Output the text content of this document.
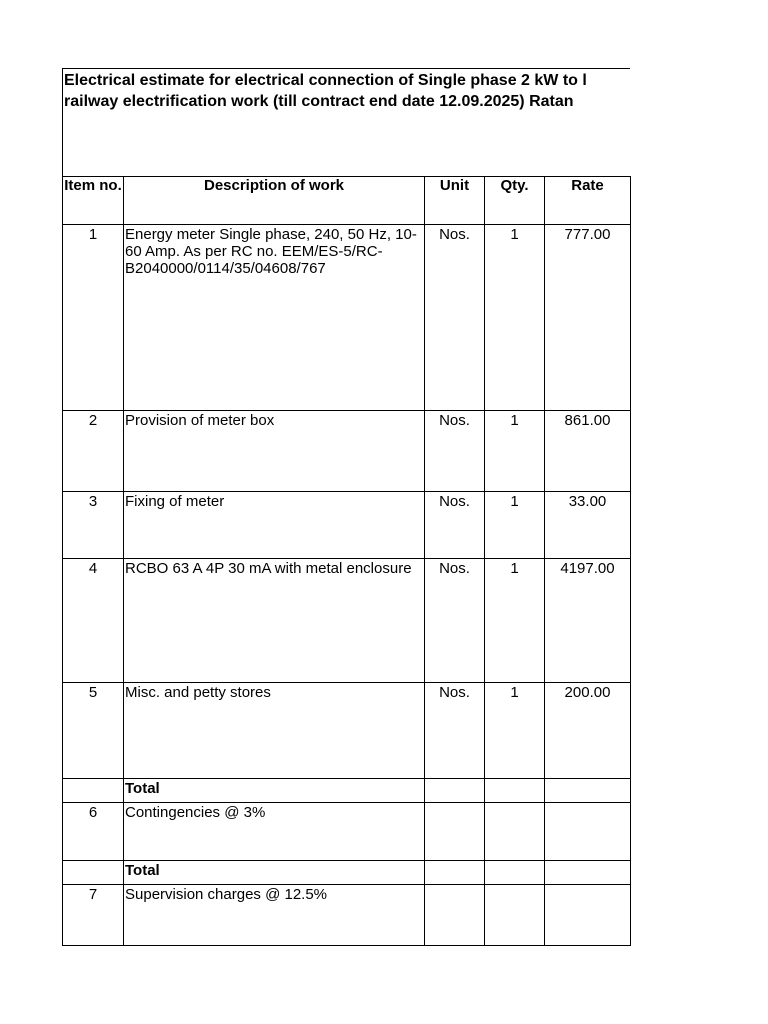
Electrical estimate for electrical connection of Single phase 2 kW to l
railway electrification work (till contract end date 12.09.2025) Ratan
Item no.	Description of work	Unit	Qty.	Rate
1	Energy meter Single phase, 240, 50 Hz, 10-60 Amp. As per RC no. EEM/ES-5/RC-B2040000/0114/35/04608/767	Nos.	1	777.00
2	Provision of meter box	Nos.	1	861.00
3	Fixing of meter	Nos.	1	33.00
4	RCBO 63 A 4P 30 mA with metal enclosure	Nos.	1	4197.00
5	Misc. and petty stores	Nos.	1	200.00
	Total			
6	Contingencies @ 3%			
	Total			
7	Supervision charges @ 12.5%			
